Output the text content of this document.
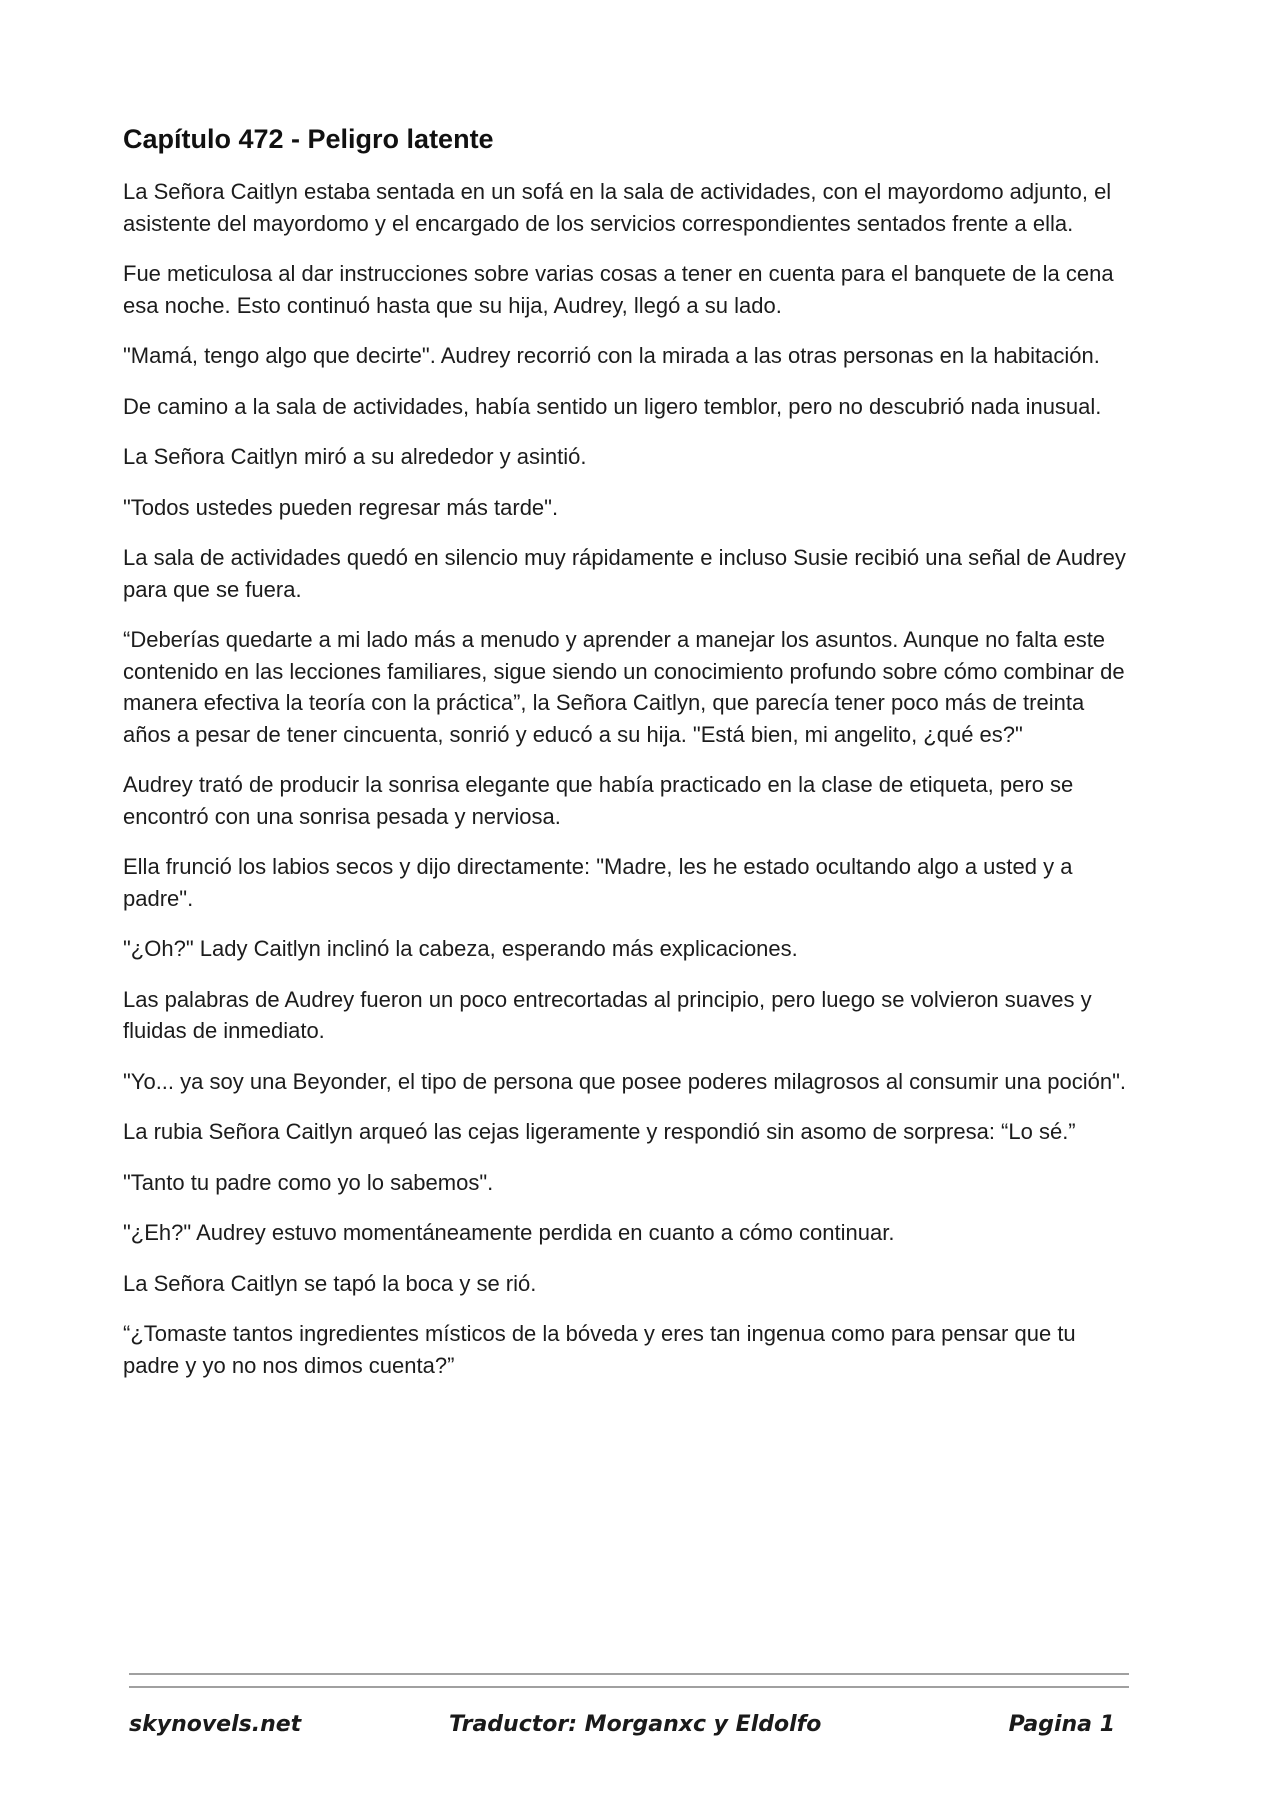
Capítulo 472 - Peligro latente

La Señora Caitlyn estaba sentada en un sofá en la sala de actividades, con el mayordomo adjunto, el asistente del mayordomo y el encargado de los servicios correspondientes sentados frente a ella.

Fue meticulosa al dar instrucciones sobre varias cosas a tener en cuenta para el banquete de la cena esa noche. Esto continuó hasta que su hija, Audrey, llegó a su lado.

"Mamá, tengo algo que decirte". Audrey recorrió con la mirada a las otras personas en la habitación.

De camino a la sala de actividades, había sentido un ligero temblor, pero no descubrió nada inusual.

La Señora Caitlyn miró a su alrededor y asintió.

"Todos ustedes pueden regresar más tarde".

La sala de actividades quedó en silencio muy rápidamente e incluso Susie recibió una señal de Audrey para que se fuera.

“Deberías quedarte a mi lado más a menudo y aprender a manejar los asuntos. Aunque no falta este contenido en las lecciones familiares, sigue siendo un conocimiento profundo sobre cómo combinar de manera efectiva la teoría con la práctica”, la Señora Caitlyn, que parecía tener poco más de treinta años a pesar de tener cincuenta, sonrió y educó a su hija. "Está bien, mi angelito, ¿qué es?"

Audrey trató de producir la sonrisa elegante que había practicado en la clase de etiqueta, pero se encontró con una sonrisa pesada y nerviosa.

Ella frunció los labios secos y dijo directamente: "Madre, les he estado ocultando algo a usted y a padre".

"¿Oh?" Lady Caitlyn inclinó la cabeza, esperando más explicaciones.

Las palabras de Audrey fueron un poco entrecortadas al principio, pero luego se volvieron suaves y fluidas de inmediato.

"Yo... ya soy una Beyonder, el tipo de persona que posee poderes milagrosos al consumir una poción".

La rubia Señora Caitlyn arqueó las cejas ligeramente y respondió sin asomo de sorpresa: “Lo sé.”

"Tanto tu padre como yo lo sabemos".

"¿Eh?" Audrey estuvo momentáneamente perdida en cuanto a cómo continuar.

La Señora Caitlyn se tapó la boca y se rió.

“¿Tomaste tantos ingredientes místicos de la bóveda y eres tan ingenua como para pensar que tu padre y yo no nos dimos cuenta?”

skynovels.net	Traductor: Morganxc y Eldolfo	Pagina 1
